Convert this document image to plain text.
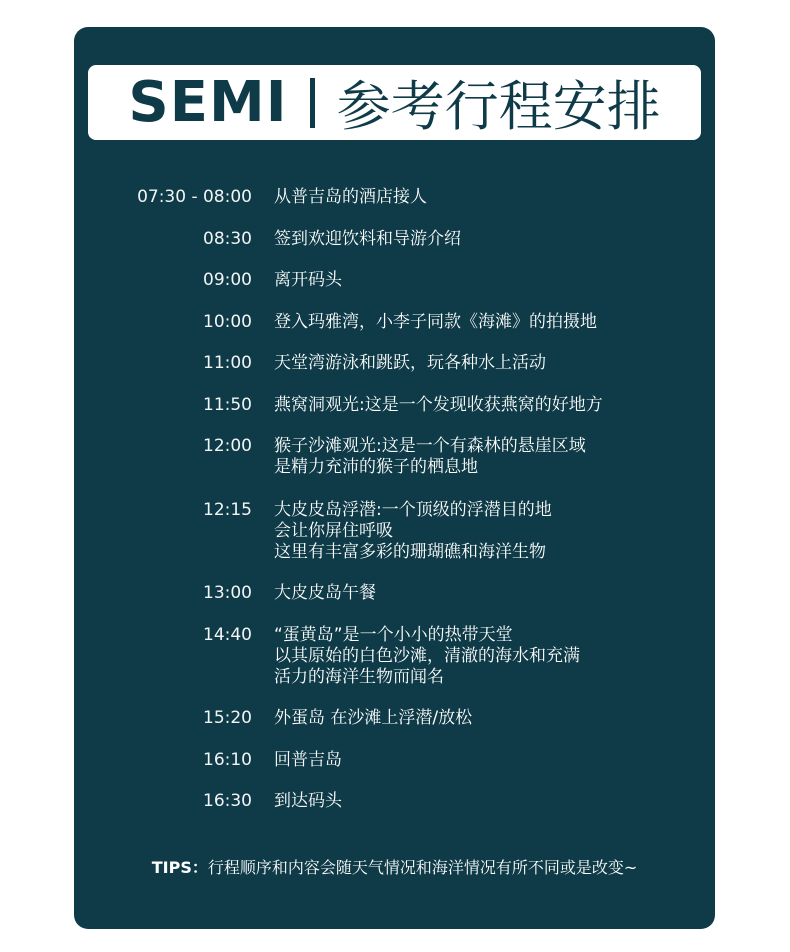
SEMI 参考行程安排
07:30 - 08:00 从普吉岛的酒店接人
08:30 签到欢迎饮料和导游介绍
09:00 离开码头
10:00 登入玛雅湾，小李子同款《海滩》的拍摄地
11:00 天堂湾游泳和跳跃，玩各种水上活动
11:50 燕窝洞观光:这是一个发现收获燕窝的好地方
12:00 猴子沙滩观光:这是一个有森林的悬崖区域
是精力充沛的猴子的栖息地
12:15 大皮皮岛浮潜:一个顶级的浮潜目的地
会让你屏住呼吸
这里有丰富多彩的珊瑚礁和海洋生物
13:00 大皮皮岛午餐
14:40 “蛋黄岛”是一个小小的热带天堂
以其原始的白色沙滩，清澈的海水和充满
活力的海洋生物而闻名
15:20 外蛋岛 在沙滩上浮潜/放松
16:10 回普吉岛
16:30 到达码头
TIPS：行程顺序和内容会随天气情况和海洋情况有所不同或是改变~
